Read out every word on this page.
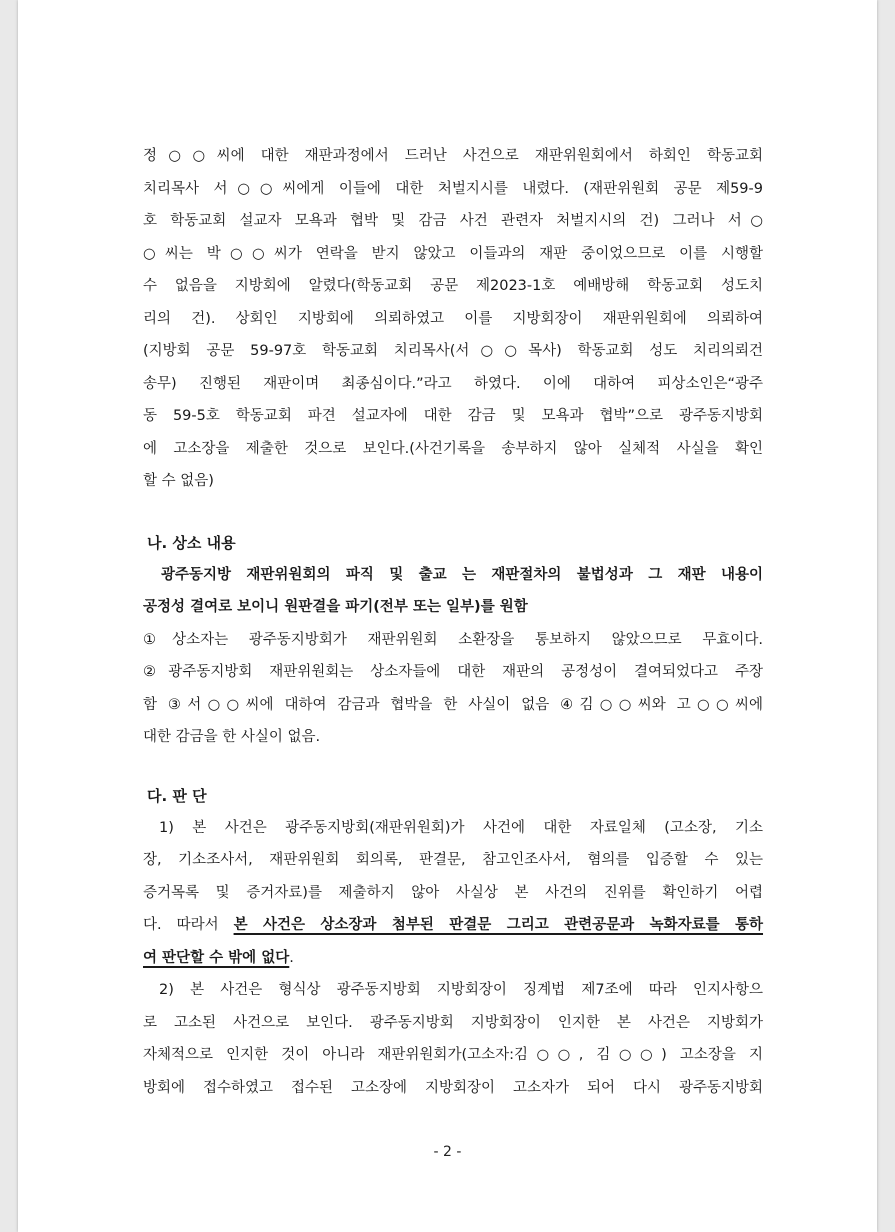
정○○씨에 대한 재판과정에서 드러난 사건으로 재판위원회에서 하회인 학동교회
치리목사 서○○씨에게 이들에 대한 처벌지시를 내렸다. (재판위원회 공문 제59-9
호 학동교회 설교자 모욕과 협박 및 감금 사건 관련자 처벌지시의 건) 그러나 서○
○씨는 박○○씨가 연락을 받지 않았고 이들과의 재판 중이었으므로 이를 시행할
수 없음을 지방회에 알렸다(학동교회 공문 제2023-1호 예배방해 학동교회 성도치
리의 건). 상회인 지방회에 의뢰하였고 이를 지방회장이 재판위원회에 의뢰하여
(지방회 공문 59-97호 학동교회 치리목사(서○○목사) 학동교회 성도 치리의뢰건
송무) 진행된 재판이며 최종심이다.”라고 하였다. 이에 대하여 피상소인은“광주
동 59-5호 학동교회 파견 설교자에 대한 감금 및 모욕과 협박”으로 광주동지방회
에 고소장을 제출한 것으로 보인다.(사건기록을 송부하지 않아 실체적 사실을 확인
할 수 없음)
나. 상소 내용
광주동지방 재판위원회의 파직 및 출교 는 재판절차의 불법성과 그 재판 내용이
공정성 결여로 보이니 원판결을 파기(전부 또는 일부)를 원함
①상소자는 광주동지방회가 재판위원회 소환장을 통보하지 않았으므로 무효이다.
②광주동지방회 재판위원회는 상소자들에 대한 재판의 공정성이 결여되었다고 주장
함 ③서○○씨에 대하여 감금과 협박을 한 사실이 없음 ④김○○씨와 고○○씨에
대한 감금을 한 사실이 없음.
다. 판 단
1) 본 사건은 광주동지방회(재판위원회)가 사건에 대한 자료일체 (고소장, 기소
장, 기소조사서, 재판위원회 회의록, 판결문, 참고인조사서, 혐의를 입증할 수 있는
증거목록 및 증거자료)를 제출하지 않아 사실상 본 사건의 진위를 확인하기 어렵
다. 따라서 본 사건은 상소장과 첨부된 판결문 그리고 관련공문과 녹화자료를 통하
여 판단할 수 밖에 없다.
2) 본 사건은 형식상 광주동지방회 지방회장이 징계법 제7조에 따라 인지사항으
로 고소된 사건으로 보인다. 광주동지방회 지방회장이 인지한 본 사건은 지방회가
자체적으로 인지한 것이 아니라 재판위원회가(고소자:김○○, 김○○) 고소장을 지
방회에 접수하였고 접수된 고소장에 지방회장이 고소자가 되어 다시 광주동지방회
- 2 -
